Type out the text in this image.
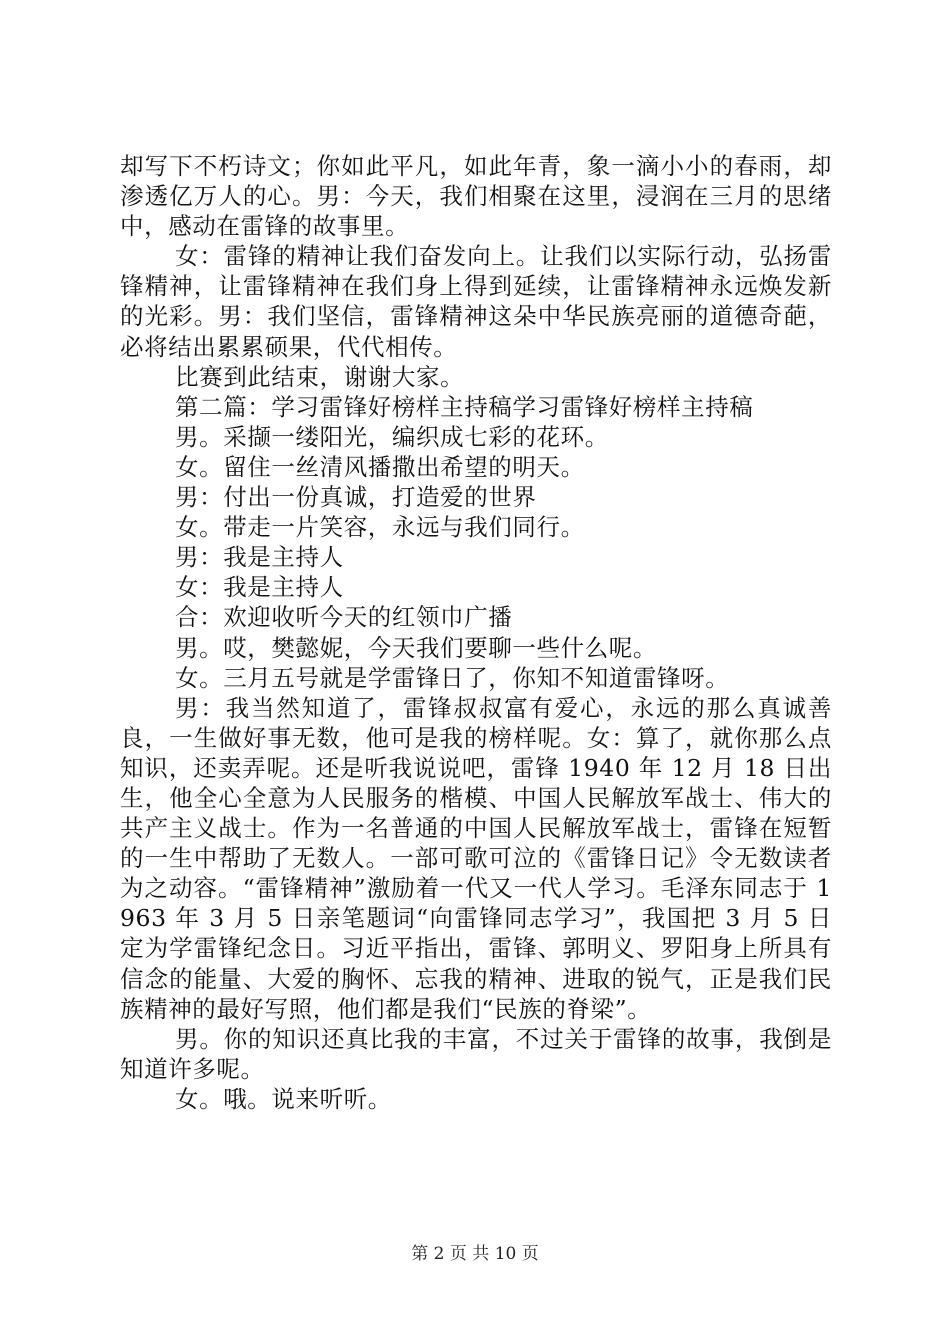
却写下不朽诗文；你如此平凡，如此年青，象一滴小小的春雨，却渗透亿万人的心。男：今天，我们相聚在这里，浸润在三月的思绪中，感动在雷锋的故事里。

女：雷锋的精神让我们奋发向上。让我们以实际行动，弘扬雷锋精神，让雷锋精神在我们身上得到延续，让雷锋精神永远焕发新的光彩。男：我们坚信，雷锋精神这朵中华民族亮丽的道德奇葩，必将结出累累硕果，代代相传。

比赛到此结束，谢谢大家。

第二篇：学习雷锋好榜样主持稿学习雷锋好榜样主持稿

男。采撷一缕阳光，编织成七彩的花环。

女。留住一丝清风播撒出希望的明天。

男：付出一份真诚，打造爱的世界

女。带走一片笑容，永远与我们同行。

男：我是主持人

女：我是主持人

合：欢迎收听今天的红领巾广播

男。哎，樊懿妮，今天我们要聊一些什么呢。

女。三月五号就是学雷锋日了，你知不知道雷锋呀。

男：我当然知道了，雷锋叔叔富有爱心，永远的那么真诚善良，一生做好事无数，他可是我的榜样呢。女：算了，就你那么点知识，还卖弄呢。还是听我说说吧，雷锋 1940 年 12 月 18 日出生，他全心全意为人民服务的楷模、中国人民解放军战士、伟大的共产主义战士。作为一名普通的中国人民解放军战士，雷锋在短暂的一生中帮助了无数人。一部可歌可泣的《雷锋日记》令无数读者为之动容。“雷锋精神”激励着一代又一代人学习。毛泽东同志于 1963 年 3 月 5 日亲笔题词“向雷锋同志学习”，我国把 3 月 5 日定为学雷锋纪念日。习近平指出，雷锋、郭明义、罗阳身上所具有信念的能量、大爱的胸怀、忘我的精神、进取的锐气，正是我们民族精神的最好写照，他们都是我们“民族的脊梁”。

男。你的知识还真比我的丰富，不过关于雷锋的故事，我倒是知道许多呢。

女。哦。说来听听。

第 2 页 共 10 页
